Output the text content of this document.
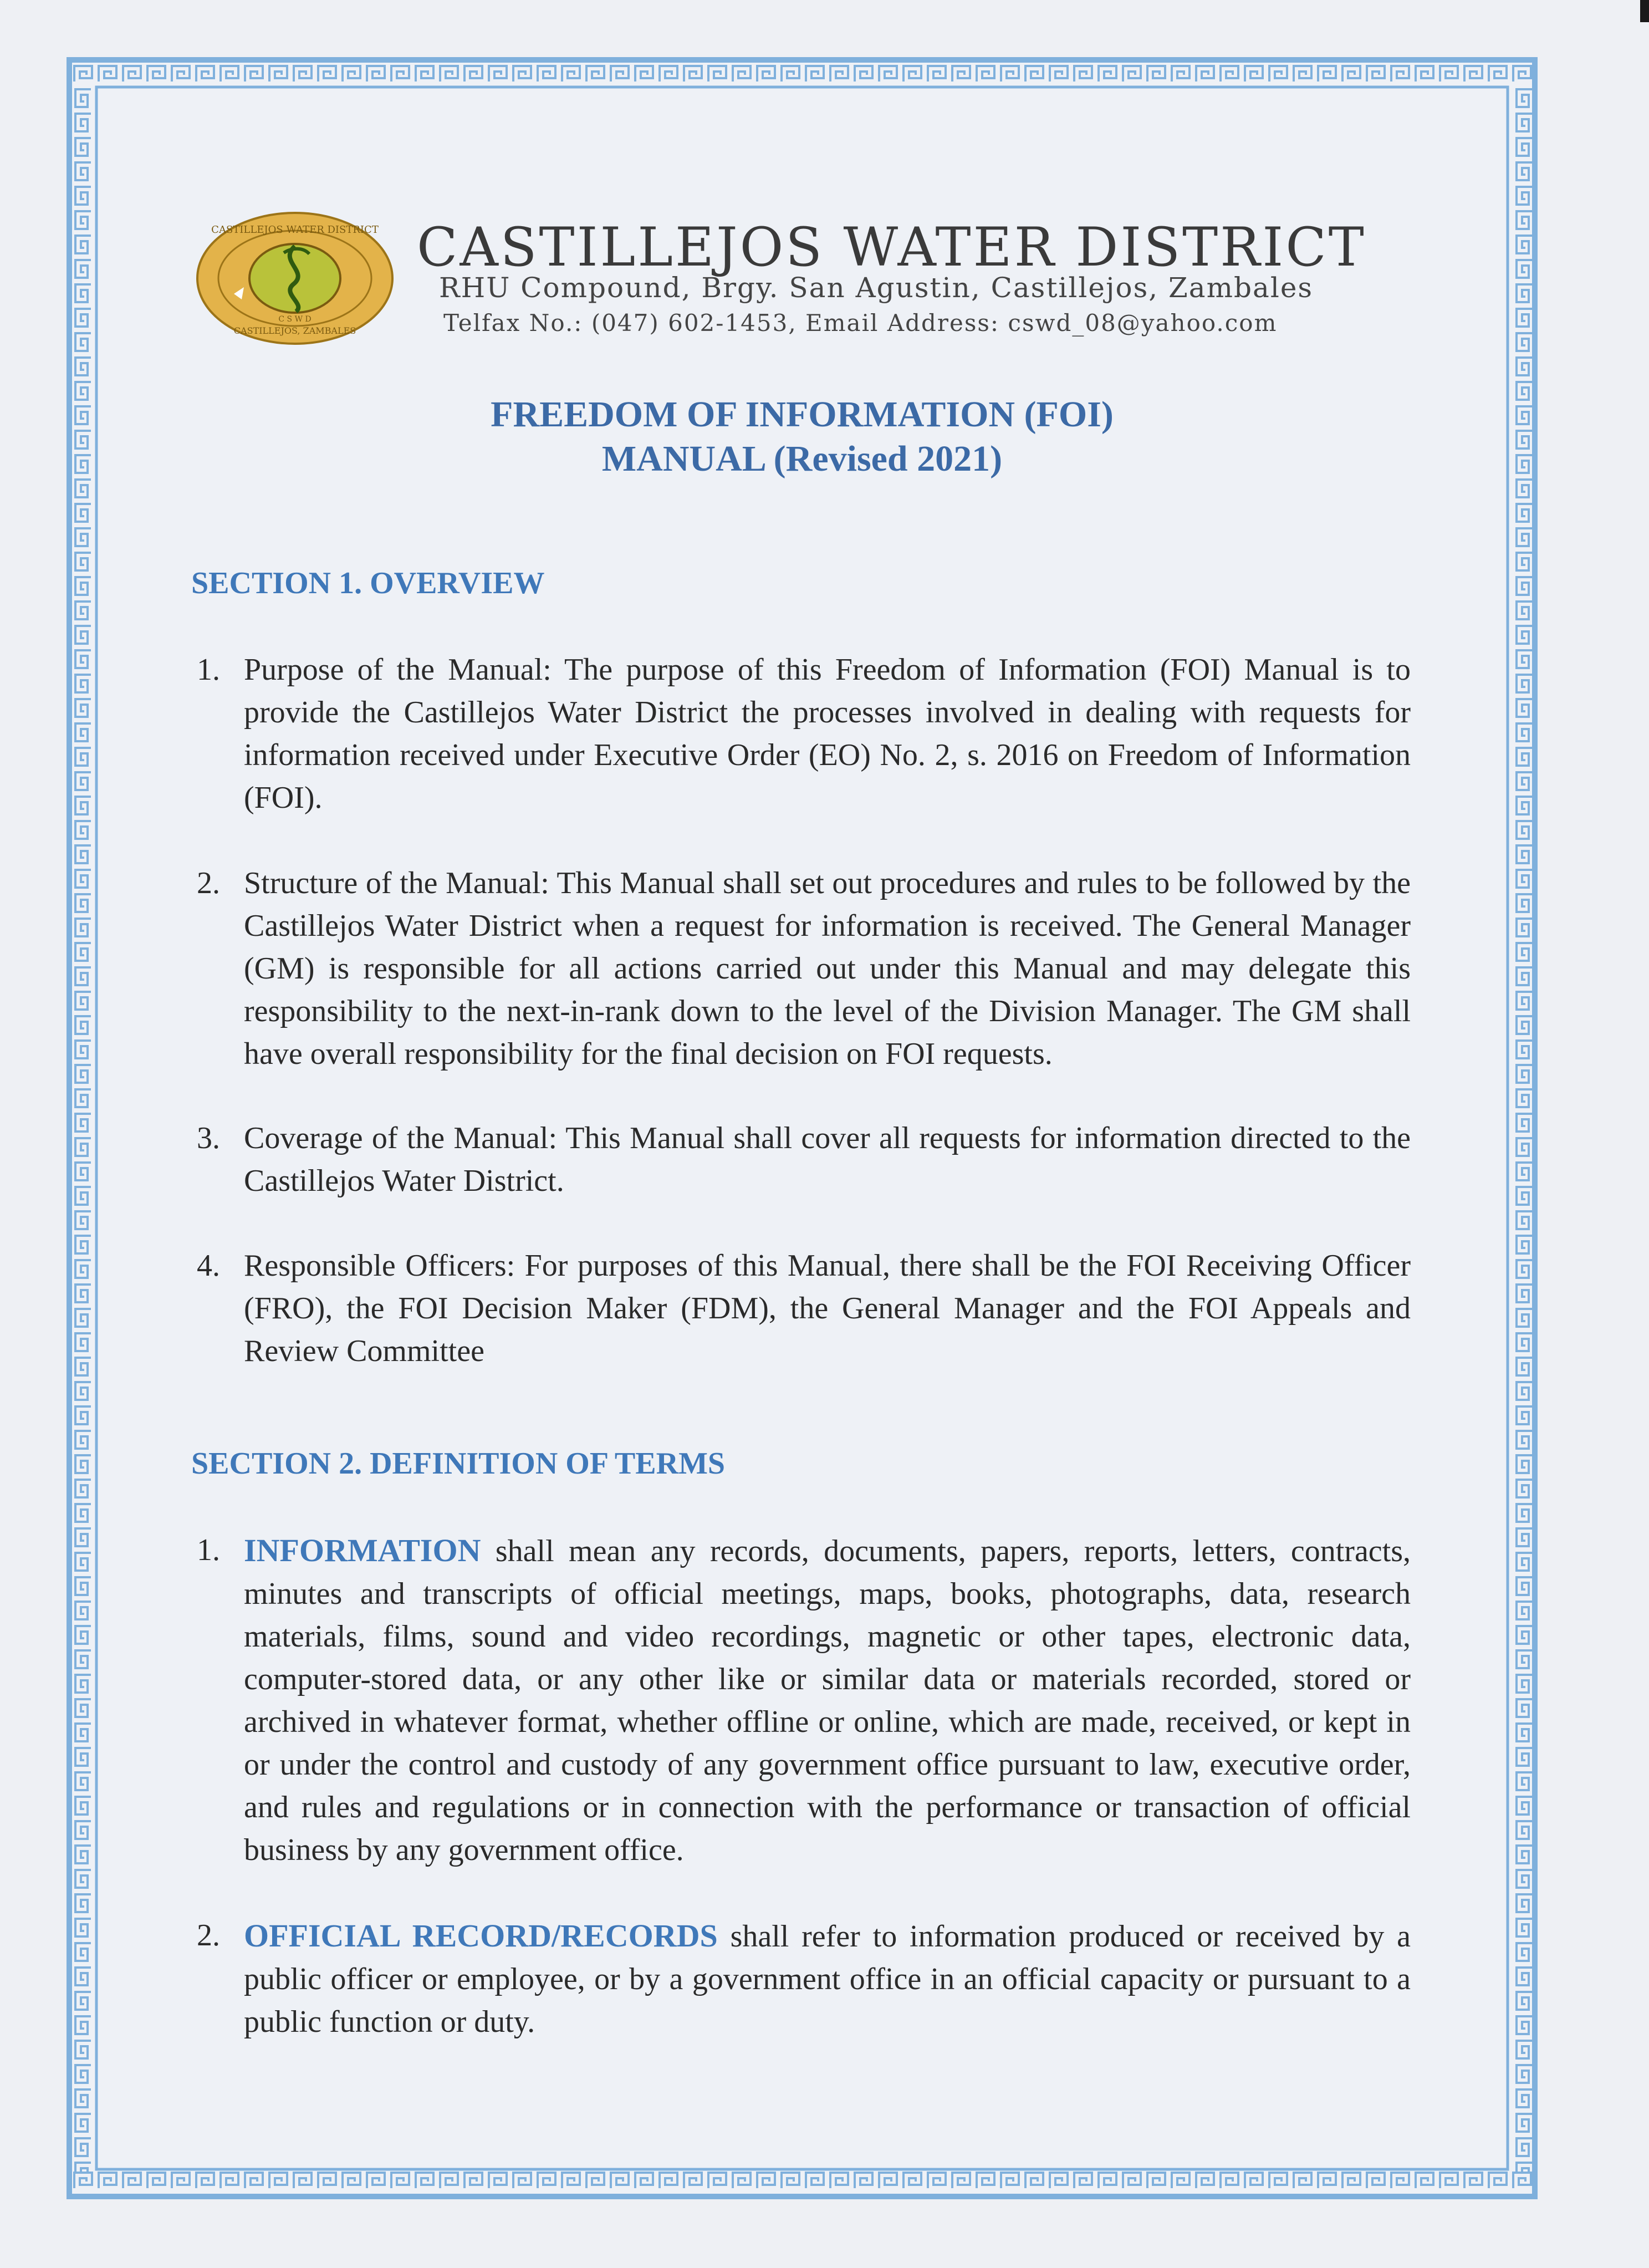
CASTILLEJOS WATER DISTRICT
CASTILLEJOS, ZAMBALES
C S W D
CASTILLEJOS WATER DISTRICT
RHU Compound, Brgy. San Agustin, Castillejos, Zambales
Telfax No.: (047) 602-1453, Email Address: cswd_08@yahoo.com
FREEDOM OF INFORMATION (FOI)
MANUAL (Revised 2021)
SECTION 1. OVERVIEW
1. Purpose of the Manual: The purpose of this Freedom of Information (FOI) Manual is to provide the Castillejos Water District the processes involved in dealing with requests for information received under Executive Order (EO) No. 2, s. 2016 on Freedom of Information (FOI).
2. Structure of the Manual: This Manual shall set out procedures and rules to be followed by the Castillejos Water District when a request for information is received. The General Manager (GM) is responsible for all actions carried out under this Manual and may delegate this responsibility to the next-in-rank down to the level of the Division Manager. The GM shall have overall responsibility for the final decision on FOI requests.
3. Coverage of the Manual: This Manual shall cover all requests for information directed to the Castillejos Water District.
4. Responsible Officers: For purposes of this Manual, there shall be the FOI Receiving Officer (FRO), the FOI Decision Maker (FDM), the General Manager and the FOI Appeals and Review Committee
SECTION 2. DEFINITION OF TERMS
1. INFORMATION shall mean any records, documents, papers, reports, letters, contracts, minutes and transcripts of official meetings, maps, books, photographs, data, research materials, films, sound and video recordings, magnetic or other tapes, electronic data, computer-stored data, or any other like or similar data or materials recorded, stored or archived in whatever format, whether offline or online, which are made, received, or kept in or under the control and custody of any government office pursuant to law, executive order, and rules and regulations or in connection with the performance or transaction of official business by any government office.
2. OFFICIAL RECORD/RECORDS shall refer to information produced or received by a public officer or employee, or by a government office in an official capacity or pursuant to a public function or duty.
